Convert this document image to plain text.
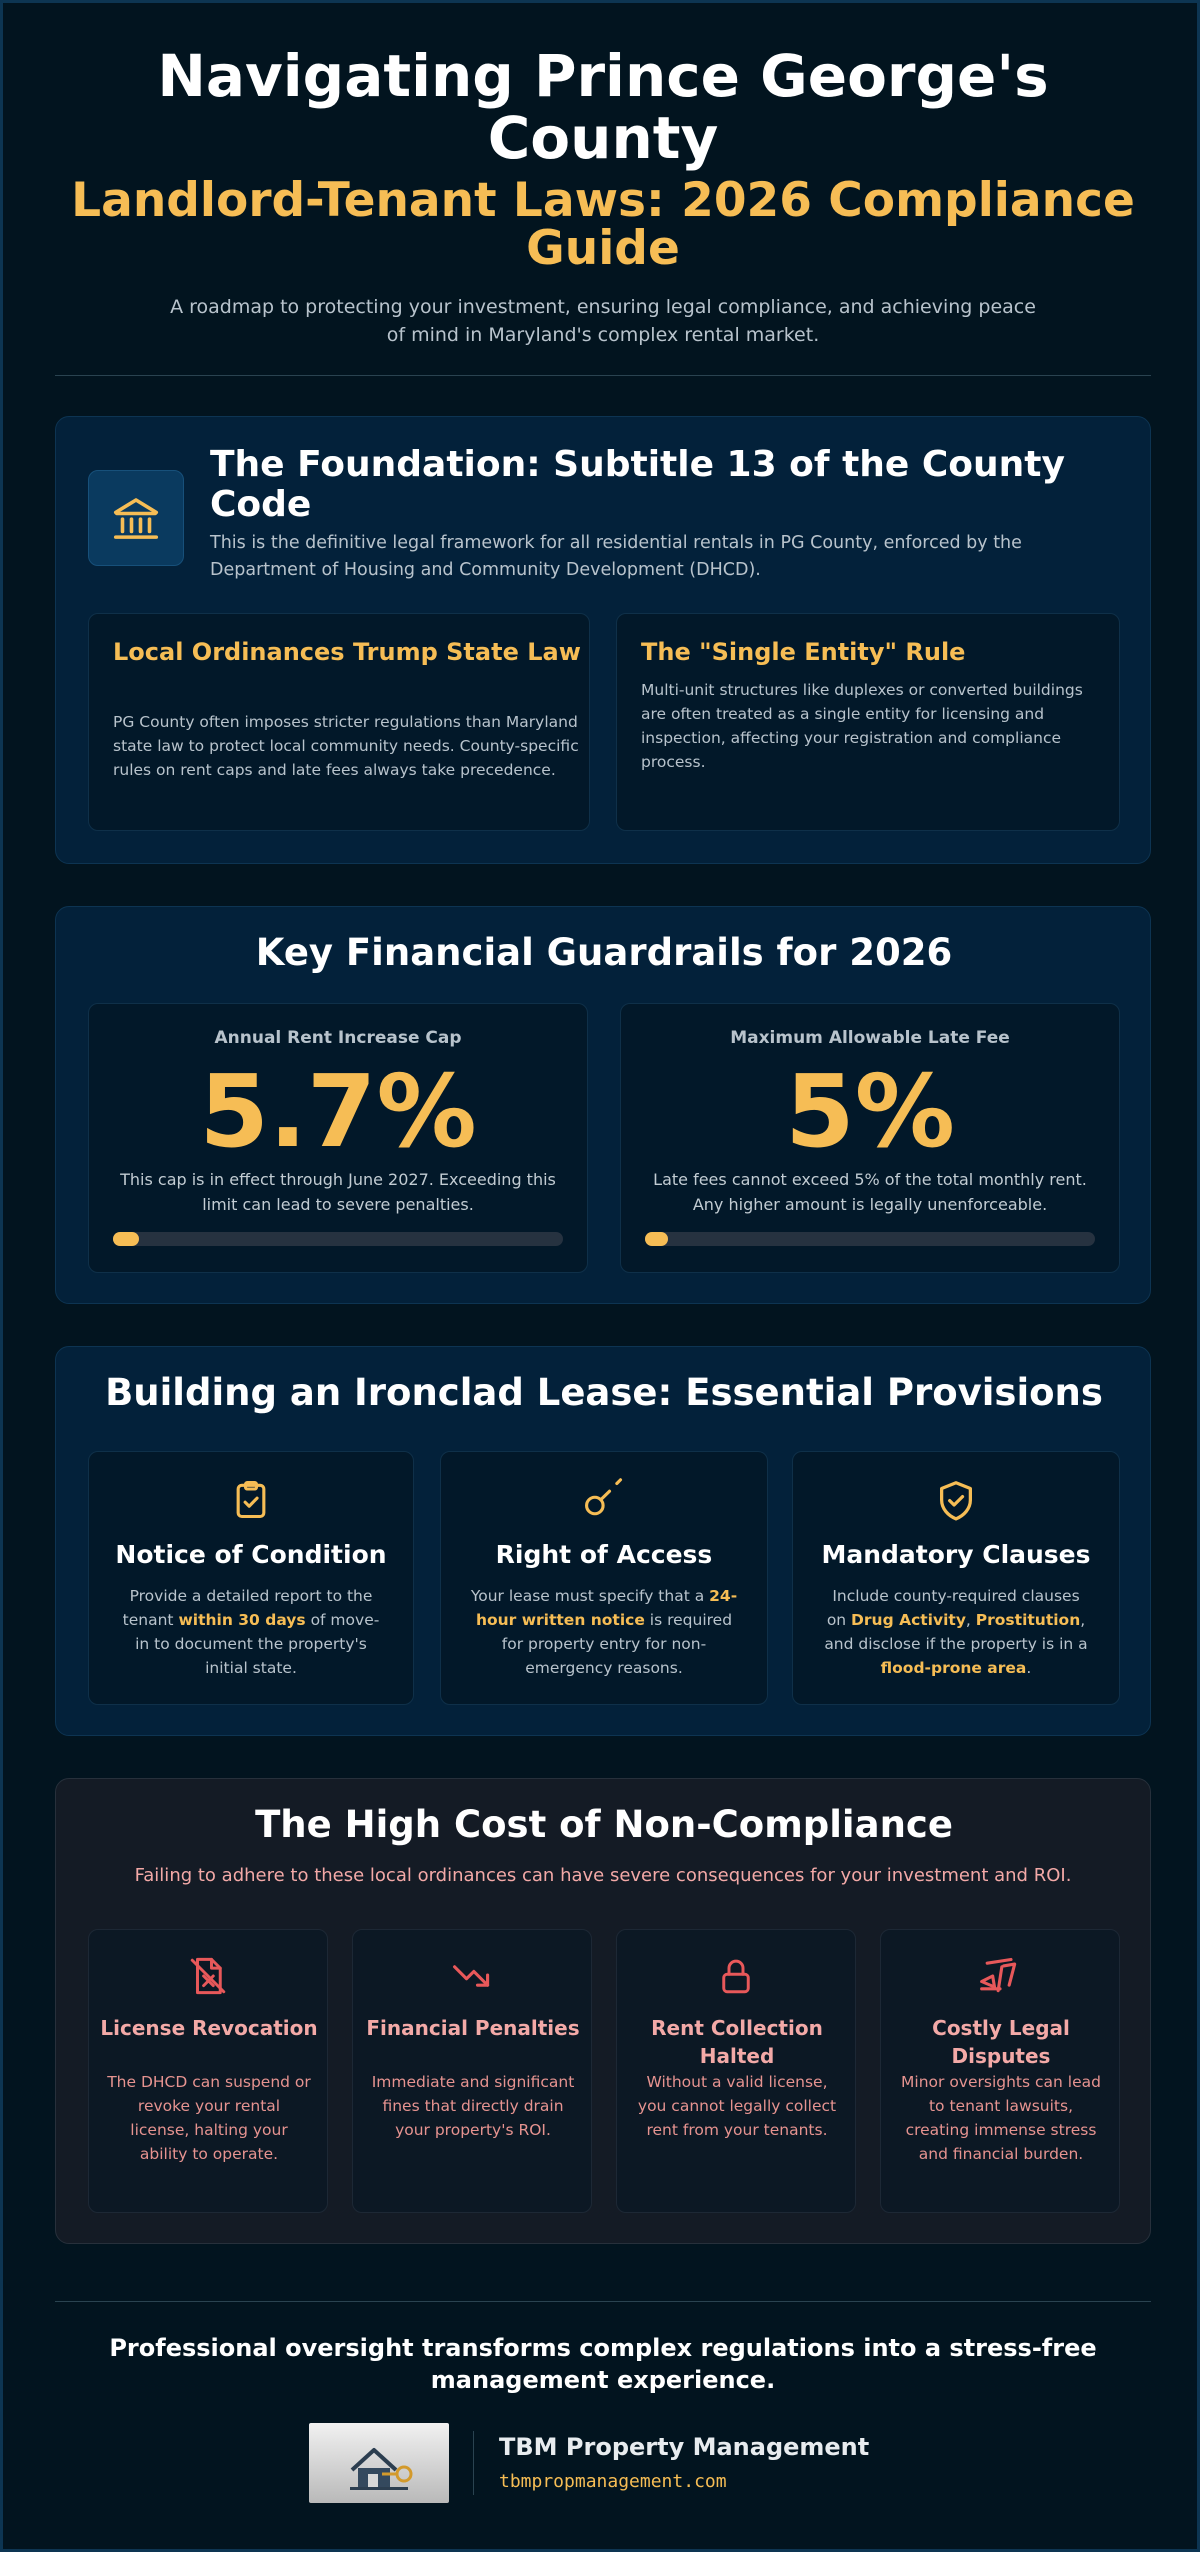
Navigating Prince George's County
Landlord-Tenant Laws: 2026 Compliance Guide
A roadmap to protecting your investment, ensuring legal compliance, and achieving peace of mind in Maryland's complex rental market.
The Foundation: Subtitle 13 of the County Code
This is the definitive legal framework for all residential rentals in PG County, enforced by the Department of Housing and Community Development (DHCD).
Local Ordinances Trump State Law
PG County often imposes stricter regulations than Maryland state law to protect local community needs. County-specific rules on rent caps and late fees always take precedence.
The "Single Entity" Rule
Multi-unit structures like duplexes or converted buildings are often treated as a single entity for licensing and inspection, affecting your registration and compliance process.
Key Financial Guardrails for 2026
Annual Rent Increase Cap
5.7%
This cap is in effect through June 2027. Exceeding this limit can lead to severe penalties.
Maximum Allowable Late Fee
5%
Late fees cannot exceed 5% of the total monthly rent. Any higher amount is legally unenforceable.
Building an Ironclad Lease: Essential Provisions
Notice of Condition
Provide a detailed report to the tenant within 30 days of move-in to document the property's initial state.
Right of Access
Your lease must specify that a 24-hour written notice is required for property entry for non-emergency reasons.
Mandatory Clauses
Include county-required clauses on Drug Activity, Prostitution, and disclose if the property is in a flood-prone area.
The High Cost of Non-Compliance
Failing to adhere to these local ordinances can have severe consequences for your investment and ROI.
License Revocation
The DHCD can suspend or revoke your rental license, halting your ability to operate.
Financial Penalties
Immediate and significant fines that directly drain your property's ROI.
Rent Collection Halted
Without a valid license, you cannot legally collect rent from your tenants.
Costly Legal Disputes
Minor oversights can lead to tenant lawsuits, creating immense stress and financial burden.
Professional oversight transforms complex regulations into a stress-free management experience.
TBM Property Management
tbmpropmanagement.com
